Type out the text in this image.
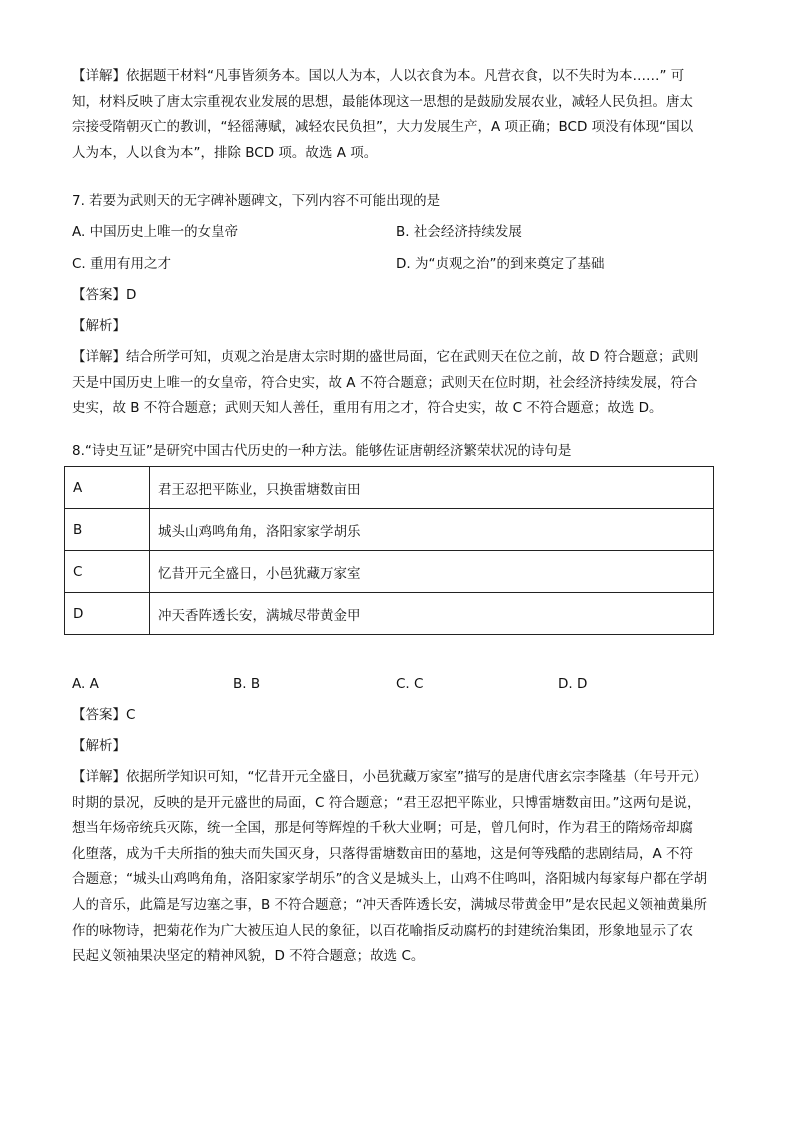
【详解】依据题干材料“凡事皆须务本。国以人为本，人以衣食为本。凡营衣食，以不失时为本……” 可

知，材料反映了唐太宗重视农业发展的思想，最能体现这一思想的是鼓励发展农业，减轻人民负担。唐太

宗接受隋朝灭亡的教训，“轻徭薄赋，减轻农民负担”，大力发展生产，A 项正确；BCD 项没有体现“国以

人为本，人以食为本”，排除 BCD 项。故选 A 项。

7. 若要为武则天的无字碑补题碑文，下列内容不可能出现的是
A. 中国历史上唯一的女皇帝	B. 社会经济持续发展
C. 重用有用之才	D. 为“贞观之治”的到来奠定了基础
【答案】D
【解析】

【详解】结合所学可知，贞观之治是唐太宗时期的盛世局面，它在武则天在位之前，故 D 符合题意；武则

天是中国历史上唯一的女皇帝，符合史实，故 A 不符合题意；武则天在位时期，社会经济持续发展，符合

史实，故 B 不符合题意；武则天知人善任，重用有用之才，符合史实，故 C 不符合题意；故选 D。

8.“诗史互证”是研究中国古代历史的一种方法。能够佐证唐朝经济繁荣状况的诗句是
A	君王忍把平陈业，只换雷塘数亩田
B	城头山鸡鸣角角，洛阳家家学胡乐
C	忆昔开元全盛日，小邑犹藏万家室
D	冲天香阵透长安，满城尽带黄金甲
A. A	B. B	C. C	D. D
【答案】C
【解析】

【详解】依据所学知识可知，“忆昔开元全盛日，小邑犹藏万家室”描写的是唐代唐玄宗李隆基（年号开元）

时期的景况，反映的是开元盛世的局面，C 符合题意；“君王忍把平陈业，只博雷塘数亩田。”这两句是说，

想当年炀帝统兵灭陈，统一全国，那是何等辉煌的千秋大业啊；可是，曾几何时，作为君王的隋炀帝却腐

化堕落，成为千夫所指的独夫而失国灭身，只落得雷塘数亩田的墓地，这是何等残酷的悲剧结局，A 不符

合题意；“城头山鸡鸣角角，洛阳家家学胡乐”的含义是城头上，山鸡不住鸣叫，洛阳城内每家每户都在学胡

人的音乐，此篇是写边塞之事，B 不符合题意；“冲天香阵透长安，满城尽带黄金甲”是农民起义领袖黄巢所

作的咏物诗，把菊花作为广大被压迫人民的象征，以百花喻指反动腐朽的封建统治集团，形象地显示了农

民起义领袖果决坚定的精神风貌，D 不符合题意；故选 C。
